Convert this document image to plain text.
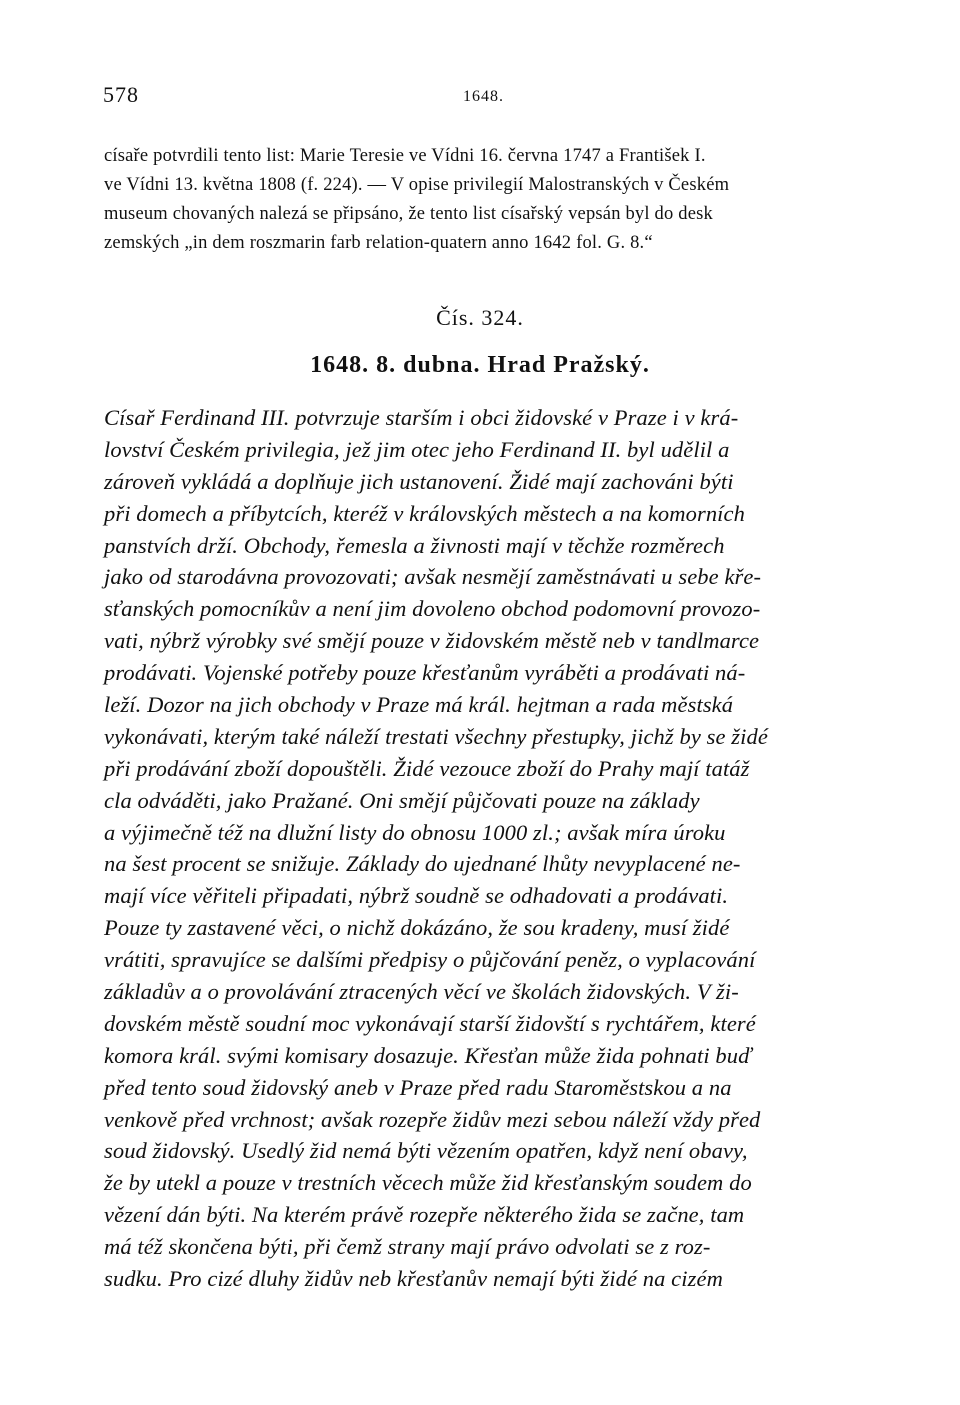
578	1648.
císaře potvrdili tento list: Marie Teresie ve Vídni 16. června 1747 a František I.
ve Vídni 13. května 1808 (f. 224). — V opise privilegií Malostranských v Českém
museum chovaných nalezá se připsáno, že tento list císařský vepsán byl do desk
zemských „in dem roszmarin farb relation-quatern anno 1642 fol. G. 8.“
Čís. 324.
1648. 8. dubna. Hrad Pražský.
Císař Ferdinand III. potvrzuje starším i obci židovské v Praze i v krá-
lovství Českém privilegia, jež jim otec jeho Ferdinand II. byl udělil a
zároveň vykládá a doplňuje jich ustanovení. Židé mají zachováni býti
při domech a příbytcích, kteréž v královských městech a na komorních
panstvích drží. Obchody, řemesla a živnosti mají v těchže rozměrech
jako od starodávna provozovati; avšak nesmějí zaměstnávati u sebe kře-
sťanských pomocníkův a není jim dovoleno obchod podomovní provozo-
vati, nýbrž výrobky své smějí pouze v židovském městě neb v tandlmarce
prodávati. Vojenské potřeby pouze křesťanům vyráběti a prodávati ná-
leží. Dozor na jich obchody v Praze má král. hejtman a rada městská
vykonávati, kterým také náleží trestati všechny přestupky, jichž by se židé
při prodávání zboží dopouštěli. Židé vezouce zboží do Prahy mají tatáž
cla odváděti, jako Pražané. Oni smějí půjčovati pouze na základy
a výjimečně též na dlužní listy do obnosu 1000 zl.; avšak míra úroku
na šest procent se snižuje. Základy do ujednané lhůty nevyplacené ne-
mají více věřiteli připadati, nýbrž soudně se odhadovati a prodávati.
Pouze ty zastavené věci, o nichž dokázáno, že sou kradeny, musí židé
vrátiti, spravujíce se dalšími předpisy o půjčování peněz, o vyplacování
základův a o provolávání ztracených věcí ve školách židovských. V ži-
dovském městě soudní moc vykonávají starší židovští s rychtářem, které
komora král. svými komisary dosazuje. Křesťan může žida pohnati buď
před tento soud židovský aneb v Praze před radu Staroměstskou a na
venkově před vrchnost; avšak rozepře židův mezi sebou náleží vždy před
soud židovský. Usedlý žid nemá býti vězením opatřen, když není obavy,
že by utekl a pouze v trestních věcech může žid křesťanským soudem do
vězení dán býti. Na kterém právě rozepře některého žida se začne, tam
má též skončena býti, při čemž strany mají právo odvolati se z roz-
sudku. Pro cizé dluhy židův neb křesťanův nemají býti židé na cizém
